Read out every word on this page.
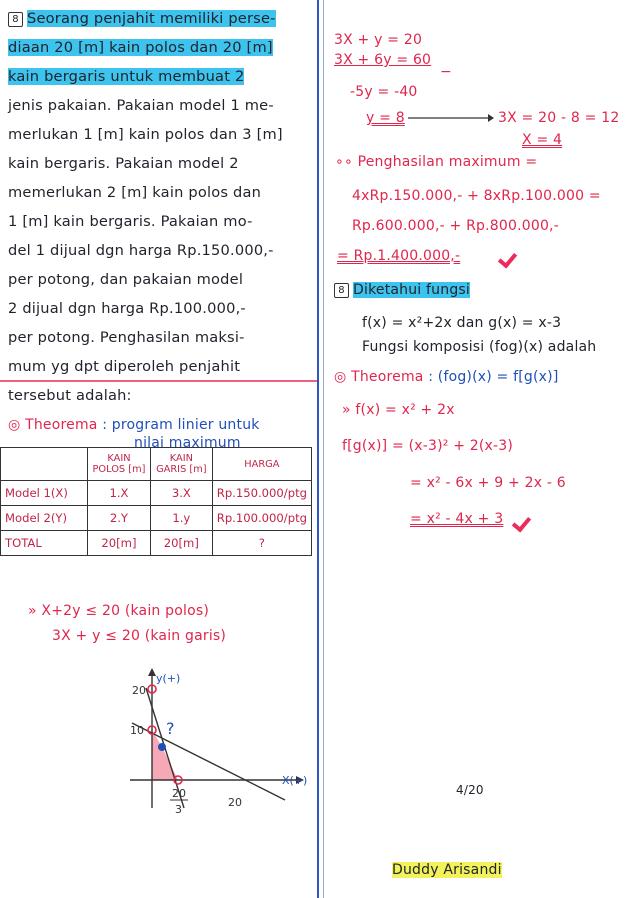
8 Seorang penjahit memiliki perse-
diaan 20 [m] kain polos dan 20 [m]
kain bergaris untuk membuat 2
jenis pakaian. Pakaian model 1 me-
merlukan 1 [m] kain polos dan 3 [m]
kain bergaris. Pakaian model 2
memerlukan 2 [m] kain polos dan
1 [m] kain bergaris. Pakaian mo-
del 1 dijual dgn harga Rp.150.000,-
per potong, dan pakaian model
2 dijual dgn harga Rp.100.000,-
per potong. Penghasilan maksi-
mum yg dpt diperoleh penjahit
tersebut adalah:
◎ Theorema : program linier untuk
nilai maximum
	KAIN POLOS [m]	KAIN GARIS [m]	HARGA
Model 1(X)	1.X	3.X	Rp.150.000/ptg
Model 2(Y)	2.Y	1.y	Rp.100.000/ptg
TOTAL	20[m]	20[m]	?
» X+2y ≤ 20 (kain polos)
3X + y ≤ 20 (kain garis)
y(+)
20
10 ?
X(+)
20
3
20
3X + y = 20
3X + 6y = 60
−
-5y = -40
y = 8	3X = 20 - 8 = 12
X = 4
∘∘ Penghasilan maximum =
4xRp.150.000,- + 8xRp.100.000 =
Rp.600.000,- + Rp.800.000,-
= Rp.1.400.000,-
8 Diketahui fungsi
f(x) = x²+2x dan g(x) = x-3
Fungsi komposisi (fog)(x) adalah
◎ Theorema : (fog)(x) = f[g(x)]
» f(x) = x² + 2x
f[g(x)] = (x-3)² + 2(x-3)
= x² - 6x + 9 + 2x - 6
= x² - 4x + 3
4/20
Duddy Arisandi
